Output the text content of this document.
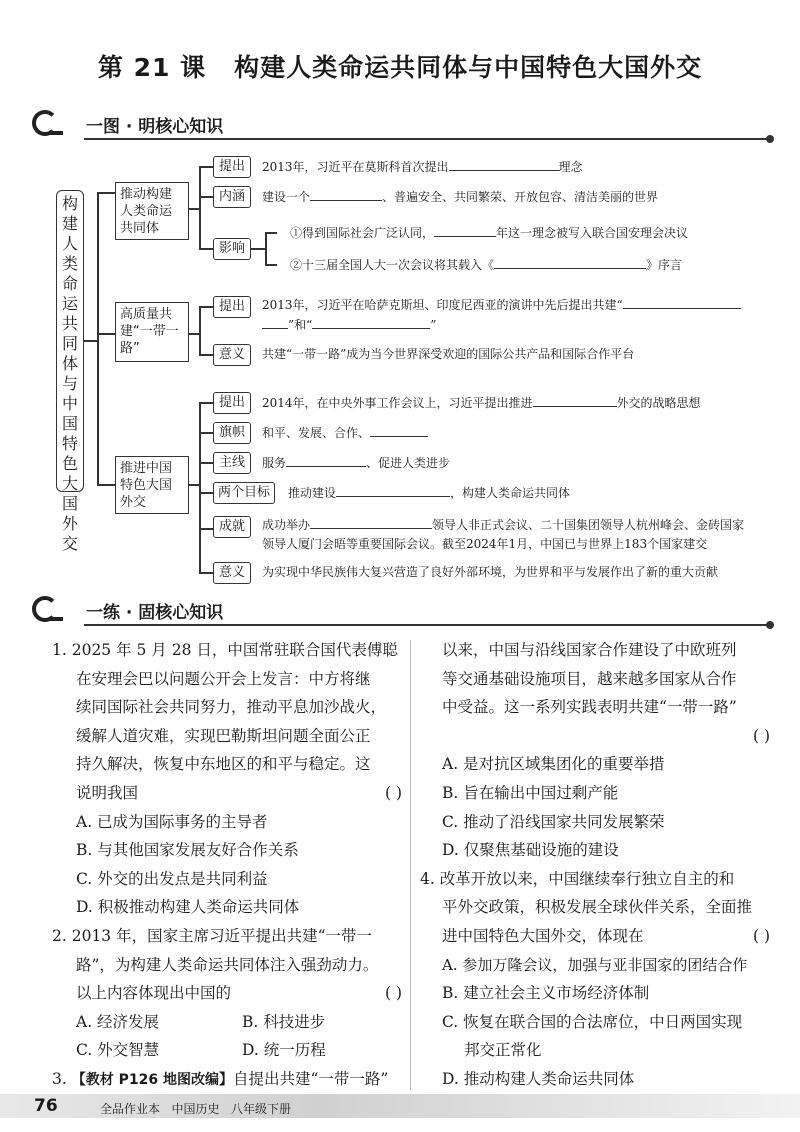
第 21 课 构建人类命运共同体与中国特色大国外交
一图 · 明核心知识
构建人类命运共同体与中国特色大国外交
推动构建人类命运共同体
提出	2013年，习近平在莫斯科首次提出	理念
内涵	建设一个	、普遍安全、共同繁荣、开放包容、清洁美丽的世界
影响
①得到国际社会广泛认同，	年这一理念被写入联合国安理会决议
②十三届全国人大一次会议将其载入《	》序言
高质量共建“一带一路”
提出	2013年，习近平在哈萨克斯坦、印度尼西亚的演讲中先后提出共建“
”和“	”
意义	共建“一带一路”成为当今世界深受欢迎的国际公共产品和国际合作平台
推进中国特色大国外交
提出	2014年，在中央外事工作会议上，习近平提出推进	外交的战略思想
旗帜	和平、发展、合作、
主线	服务	、促进人类进步
两个目标	推动建设	，构建人类命运共同体
成就	成功举办	领导人非正式会议、二十国集团领导人杭州峰会、金砖国家
领导人厦门会晤等重要国际会议。截至2024年1月，中国已与世界上183个国家建交
意义	为实现中华民族伟大复兴营造了良好外部环境，为世界和平与发展作出了新的重大贡献
一练 · 固核心知识
1. 2025 年 5 月 28 日，中国常驻联合国代表傅聪
在安理会巴以问题公开会上发言：中方将继
续同国际社会共同努力，推动平息加沙战火，
缓解人道灾难，实现巴勒斯坦问题全面公正
持久解决，恢复中东地区的和平与稳定。这
说明我国	( )
A. 已成为国际事务的主导者
B. 与其他国家发展友好合作关系
C. 外交的出发点是共同利益
D. 积极推动构建人类命运共同体
2. 2013 年，国家主席习近平提出共建“一带一
路”，为构建人类命运共同体注入强劲动力。
以上内容体现出中国的	( )
A. 经济发展	B. 科技进步
C. 外交智慧	D. 统一历程
3. 【教材 P126 地图改编】自提出共建“一带一路”
以来，中国与沿线国家合作建设了中欧班列
等交通基础设施项目，越来越多国家从合作
中受益。这一系列实践表明共建“一带一路”
( )
A. 是对抗区域集团化的重要举措
B. 旨在输出中国过剩产能
C. 推动了沿线国家共同发展繁荣
D. 仅聚焦基础设施的建设
4. 改革开放以来，中国继续奉行独立自主的和
平外交政策，积极发展全球伙伴关系，全面推
进中国特色大国外交，体现在	( )
A. 参加万隆会议，加强与亚非国家的团结合作
B. 建立社会主义市场经济体制
C. 恢复在联合国的合法席位，中日两国实现
邦交正常化
D. 推动构建人类命运共同体
76	全品作业本 中国历史 八年级下册
